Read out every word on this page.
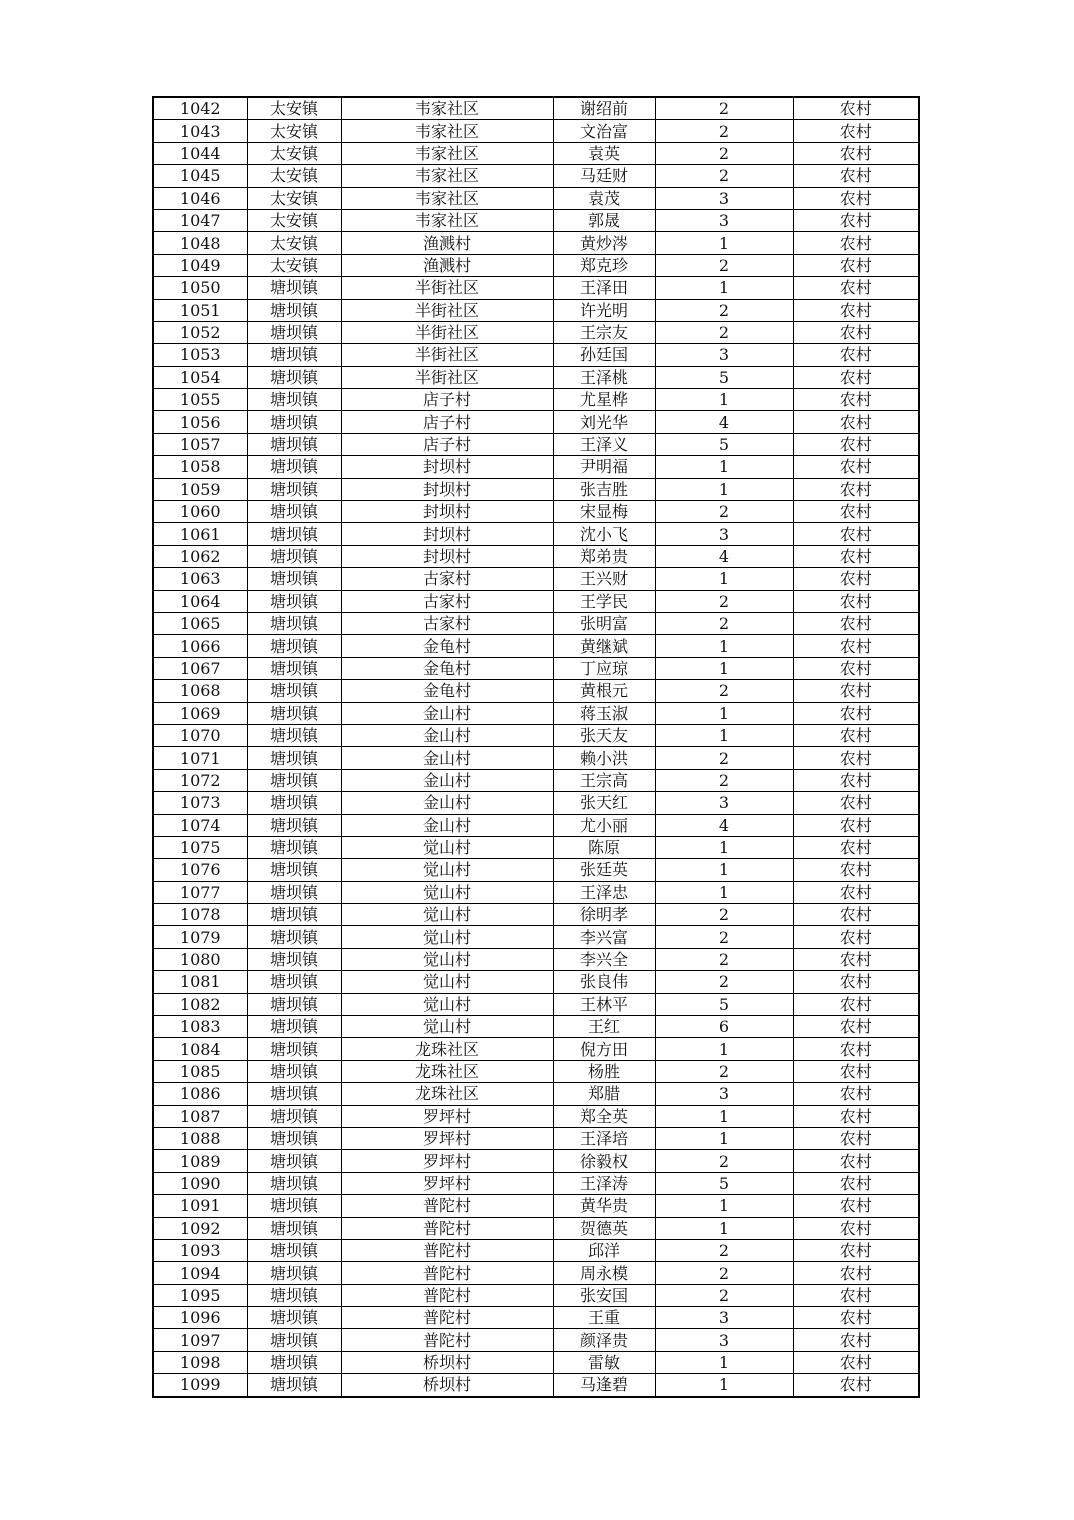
1042	太安镇	韦家社区	谢绍前	2	农村
1043	太安镇	韦家社区	文治富	2	农村
1044	太安镇	韦家社区	袁英	2	农村
1045	太安镇	韦家社区	马廷财	2	农村
1046	太安镇	韦家社区	袁茂	3	农村
1047	太安镇	韦家社区	郭晟	3	农村
1048	太安镇	渔溅村	黄炒涔	1	农村
1049	太安镇	渔溅村	郑克珍	2	农村
1050	塘坝镇	半街社区	王泽田	1	农村
1051	塘坝镇	半街社区	许光明	2	农村
1052	塘坝镇	半街社区	王宗友	2	农村
1053	塘坝镇	半街社区	孙廷国	3	农村
1054	塘坝镇	半街社区	王泽桃	5	农村
1055	塘坝镇	店子村	尤星桦	1	农村
1056	塘坝镇	店子村	刘光华	4	农村
1057	塘坝镇	店子村	王泽义	5	农村
1058	塘坝镇	封坝村	尹明福	1	农村
1059	塘坝镇	封坝村	张吉胜	1	农村
1060	塘坝镇	封坝村	宋显梅	2	农村
1061	塘坝镇	封坝村	沈小飞	3	农村
1062	塘坝镇	封坝村	郑弟贵	4	农村
1063	塘坝镇	古家村	王兴财	1	农村
1064	塘坝镇	古家村	王学民	2	农村
1065	塘坝镇	古家村	张明富	2	农村
1066	塘坝镇	金龟村	黄继斌	1	农村
1067	塘坝镇	金龟村	丁应琼	1	农村
1068	塘坝镇	金龟村	黄根元	2	农村
1069	塘坝镇	金山村	蒋玉淑	1	农村
1070	塘坝镇	金山村	张天友	1	农村
1071	塘坝镇	金山村	赖小洪	2	农村
1072	塘坝镇	金山村	王宗高	2	农村
1073	塘坝镇	金山村	张天红	3	农村
1074	塘坝镇	金山村	尤小丽	4	农村
1075	塘坝镇	觉山村	陈原	1	农村
1076	塘坝镇	觉山村	张廷英	1	农村
1077	塘坝镇	觉山村	王泽忠	1	农村
1078	塘坝镇	觉山村	徐明孝	2	农村
1079	塘坝镇	觉山村	李兴富	2	农村
1080	塘坝镇	觉山村	李兴全	2	农村
1081	塘坝镇	觉山村	张良伟	2	农村
1082	塘坝镇	觉山村	王林平	5	农村
1083	塘坝镇	觉山村	王红	6	农村
1084	塘坝镇	龙珠社区	倪方田	1	农村
1085	塘坝镇	龙珠社区	杨胜	2	农村
1086	塘坝镇	龙珠社区	郑腊	3	农村
1087	塘坝镇	罗坪村	郑全英	1	农村
1088	塘坝镇	罗坪村	王泽培	1	农村
1089	塘坝镇	罗坪村	徐毅权	2	农村
1090	塘坝镇	罗坪村	王泽涛	5	农村
1091	塘坝镇	普陀村	黄华贵	1	农村
1092	塘坝镇	普陀村	贺德英	1	农村
1093	塘坝镇	普陀村	邱洋	2	农村
1094	塘坝镇	普陀村	周永模	2	农村
1095	塘坝镇	普陀村	张安国	2	农村
1096	塘坝镇	普陀村	王重	3	农村
1097	塘坝镇	普陀村	颜泽贵	3	农村
1098	塘坝镇	桥坝村	雷敏	1	农村
1099	塘坝镇	桥坝村	马逢碧	1	农村
